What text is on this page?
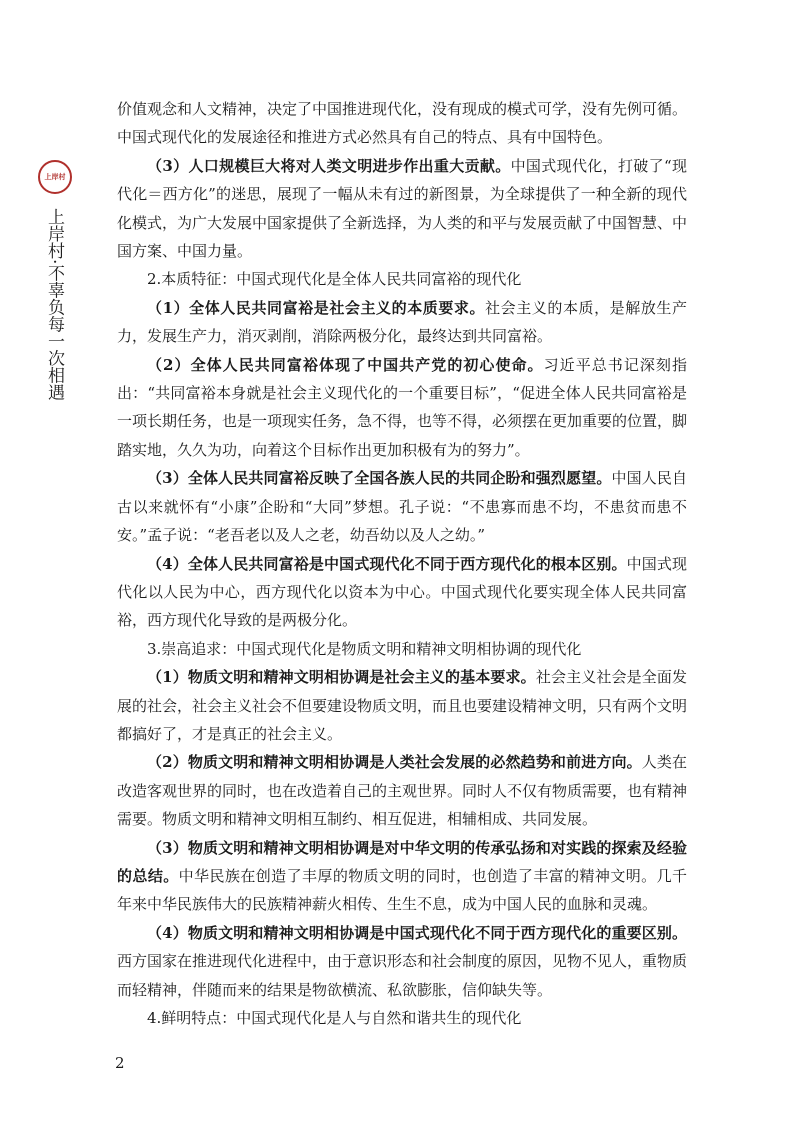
上岸村
上岸村·不辜负每一次相遇

价值观念和人文精神，决定了中国推进现代化，没有现成的模式可学，没有先例可循。中国式现代化的发展途径和推进方式必然具有自己的特点、具有中国特色。

（3）人口规模巨大将对人类文明进步作出重大贡献。中国式现代化，打破了“现代化＝西方化”的迷思，展现了一幅从未有过的新图景，为全球提供了一种全新的现代化模式，为广大发展中国家提供了全新选择，为人类的和平与发展贡献了中国智慧、中国方案、中国力量。

2.本质特征：中国式现代化是全体人民共同富裕的现代化

（1）全体人民共同富裕是社会主义的本质要求。社会主义的本质，是解放生产力，发展生产力，消灭剥削，消除两极分化，最终达到共同富裕。

（2）全体人民共同富裕体现了中国共产党的初心使命。习近平总书记深刻指出：“共同富裕本身就是社会主义现代化的一个重要目标”，“促进全体人民共同富裕是一项长期任务，也是一项现实任务，急不得，也等不得，必须摆在更加重要的位置，脚踏实地，久久为功，向着这个目标作出更加积极有为的努力”。

（3）全体人民共同富裕反映了全国各族人民的共同企盼和强烈愿望。中国人民自古以来就怀有“小康”企盼和“大同”梦想。孔子说：“不患寡而患不均，不患贫而患不安。”孟子说：“老吾老以及人之老，幼吾幼以及人之幼。”

（4）全体人民共同富裕是中国式现代化不同于西方现代化的根本区别。中国式现代化以人民为中心，西方现代化以资本为中心。中国式现代化要实现全体人民共同富裕，西方现代化导致的是两极分化。

3.崇高追求：中国式现代化是物质文明和精神文明相协调的现代化

（1）物质文明和精神文明相协调是社会主义的基本要求。社会主义社会是全面发展的社会，社会主义社会不但要建设物质文明，而且也要建设精神文明，只有两个文明都搞好了，才是真正的社会主义。

（2）物质文明和精神文明相协调是人类社会发展的必然趋势和前进方向。人类在改造客观世界的同时，也在改造着自己的主观世界。同时人不仅有物质需要，也有精神需要。物质文明和精神文明相互制约、相互促进，相辅相成、共同发展。

（3）物质文明和精神文明相协调是对中华文明的传承弘扬和对实践的探索及经验的总结。中华民族在创造了丰厚的物质文明的同时，也创造了丰富的精神文明。几千年来中华民族伟大的民族精神薪火相传、生生不息，成为中国人民的血脉和灵魂。

（4）物质文明和精神文明相协调是中国式现代化不同于西方现代化的重要区别。西方国家在推进现代化进程中，由于意识形态和社会制度的原因，见物不见人，重物质而轻精神，伴随而来的结果是物欲横流、私欲膨胀，信仰缺失等。

4.鲜明特点：中国式现代化是人与自然和谐共生的现代化

2
